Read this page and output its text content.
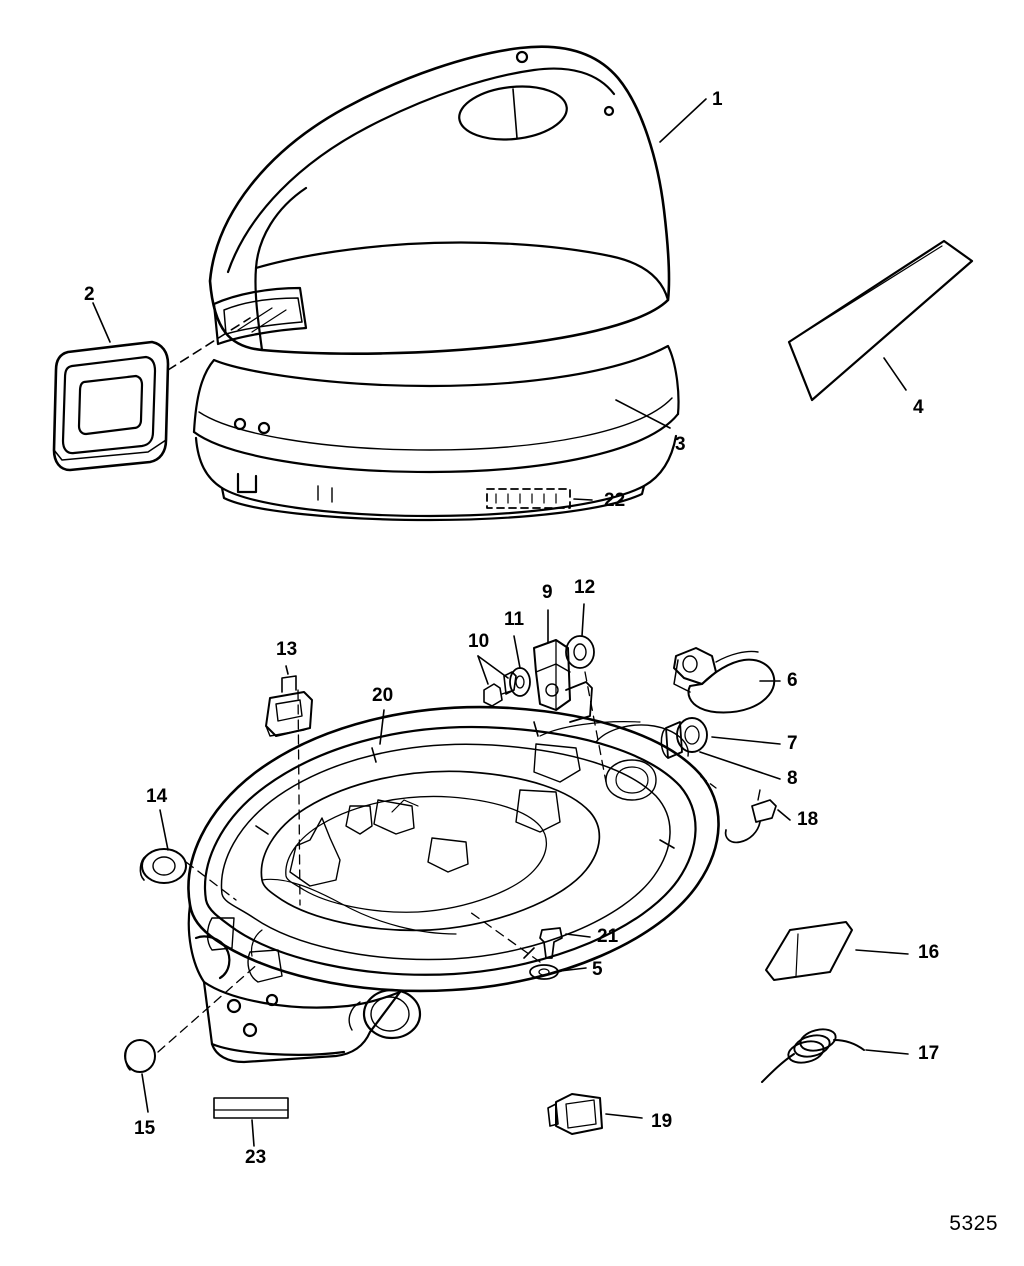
1
2
3
4
5
6
7
8
9
10
11
12
13
14
15
16
17
18
19
20
21
22
23
5325
